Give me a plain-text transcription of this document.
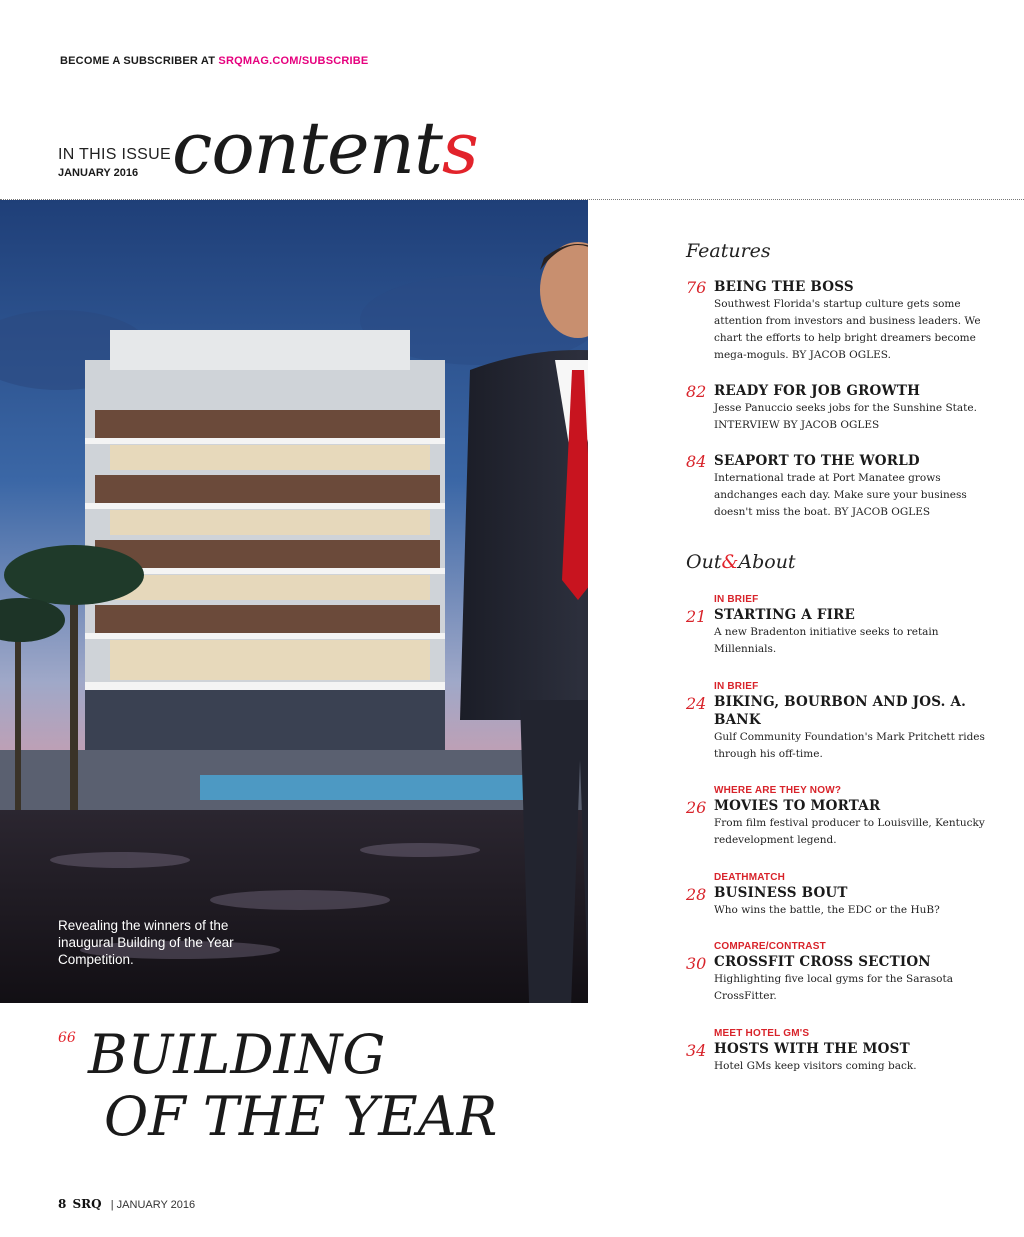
BECOME A SUBSCRIBER AT SRQMAG.COM/SUBSCRIBE
IN THIS ISSUE
JANUARY 2016 contents
Revealing the winners of the inaugural Building of the Year Competition.
66 BUILDING
OF THE YEAR
Features
76 BEING THE BOSS
Southwest Florida's startup culture gets some attention from investors and business leaders. We chart the efforts to help bright dreamers become mega-moguls. BY JACOB OGLES.
82 READY FOR JOB GROWTH
Jesse Panuccio seeks jobs for the Sunshine State. INTERVIEW BY JACOB OGLES
84 SEAPORT TO THE WORLD
International trade at Port Manatee grows andchanges each day. Make sure your business doesn't miss the boat. BY JACOB OGLES
Out&About
IN BRIEF
21 STARTING A FIRE
A new Bradenton initiative seeks to retain Millennials.
IN BRIEF
24 BIKING, BOURBON AND JOS. A. BANK
Gulf Community Foundation's Mark Pritchett rides through his off-time.
WHERE ARE THEY NOW?
26 MOVIES TO MORTAR
From film festival producer to Louisville, Kentucky redevelopment legend.
DEATHMATCH
28 BUSINESS BOUT
Who wins the battle, the EDC or the HuB?
COMPARE/CONTRAST
30 CROSSFIT CROSS SECTION
Highlighting five local gyms for the Sarasota CrossFitter.
MEET HOTEL GM'S
34 HOSTS WITH THE MOST
Hotel GMs keep visitors coming back.
8 SRQ | JANUARY 2016
